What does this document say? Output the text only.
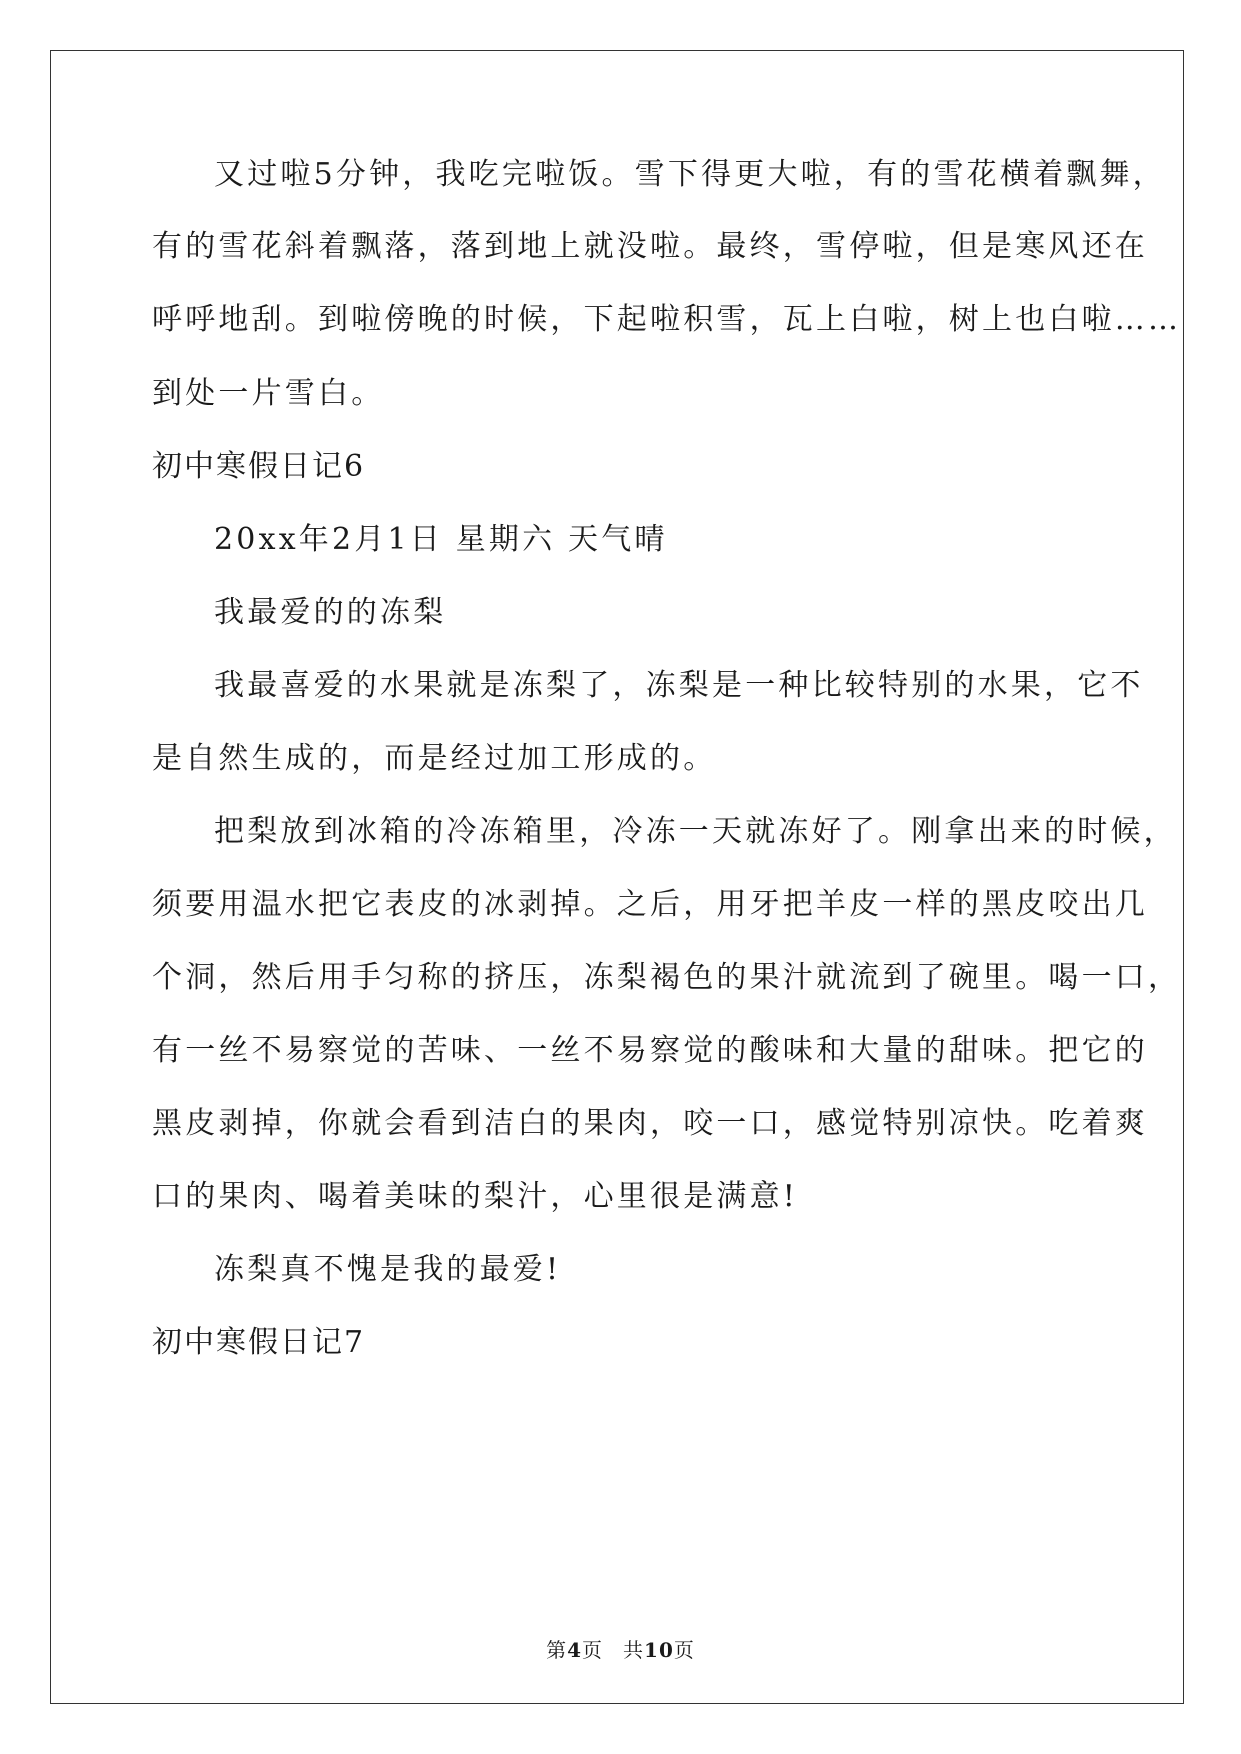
又过啦5分钟，我吃完啦饭。雪下得更大啦，有的雪花横着飘舞，
有的雪花斜着飘落，落到地上就没啦。最终，雪停啦，但是寒风还在
呼呼地刮。到啦傍晚的时候，下起啦积雪，瓦上白啦，树上也白啦……
到处一片雪白。
初中寒假日记6
20xx年2月1日 星期六 天气晴
我最爱的的冻梨
我最喜爱的水果就是冻梨了，冻梨是一种比较特别的水果，它不
是自然生成的，而是经过加工形成的。
把梨放到冰箱的冷冻箱里，冷冻一天就冻好了。刚拿出来的时候，
须要用温水把它表皮的冰剥掉。之后，用牙把羊皮一样的黑皮咬出几
个洞，然后用手匀称的挤压，冻梨褐色的果汁就流到了碗里。喝一口，
有一丝不易察觉的苦味、一丝不易察觉的酸味和大量的甜味。把它的
黑皮剥掉，你就会看到洁白的果肉，咬一口，感觉特别凉快。吃着爽
口的果肉、喝着美味的梨汁，心里很是满意!
冻梨真不愧是我的最爱!
初中寒假日记7
第4页 共10页
